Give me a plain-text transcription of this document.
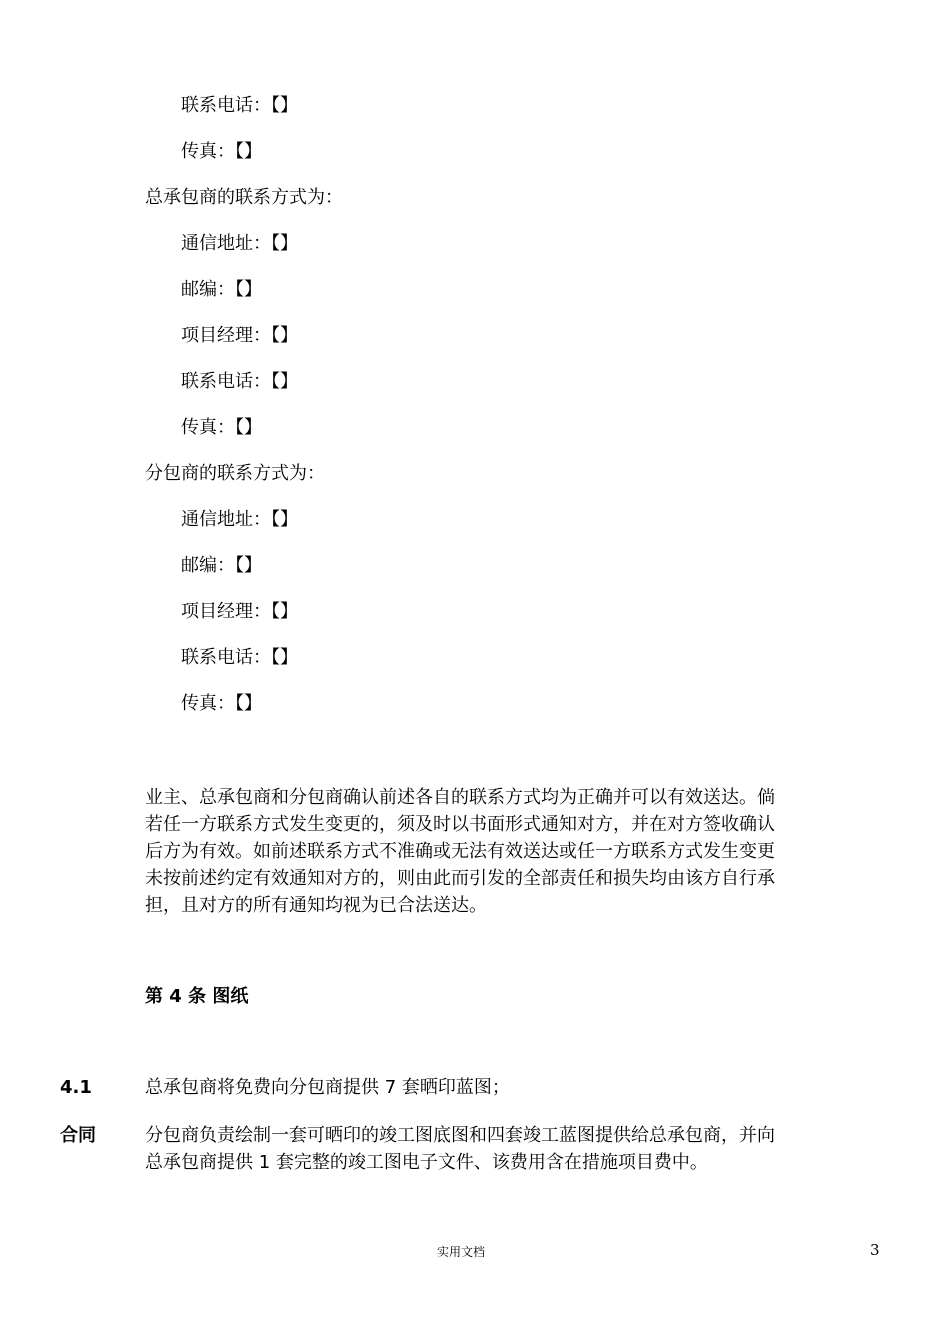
联系电话：【】
传真：【】
总承包商的联系方式为：
通信地址：【】
邮编：【】
项目经理：【】
联系电话：【】
传真：【】
分包商的联系方式为：
通信地址：【】
邮编：【】
项目经理：【】
联系电话：【】
传真：【】
业主、总承包商和分包商确认前述各自的联系方式均为正确并可以有效送达。倘
若任一方联系方式发生变更的，须及时以书面形式通知对方，并在对方签收确认
后方为有效。如前述联系方式不准确或无法有效送达或任一方联系方式发生变更
未按前述约定有效通知对方的，则由此而引发的全部责任和损失均由该方自行承
担，且对方的所有通知均视为已合法送达。
第 4 条 图纸
4.1	总承包商将免费向分包商提供 7 套晒印蓝图；
合同	分包商负责绘制一套可晒印的竣工图底图和四套竣工蓝图提供给总承包商，并向
总承包商提供 1 套完整的竣工图电子文件、该费用含在措施项目费中。
实用文档	3
